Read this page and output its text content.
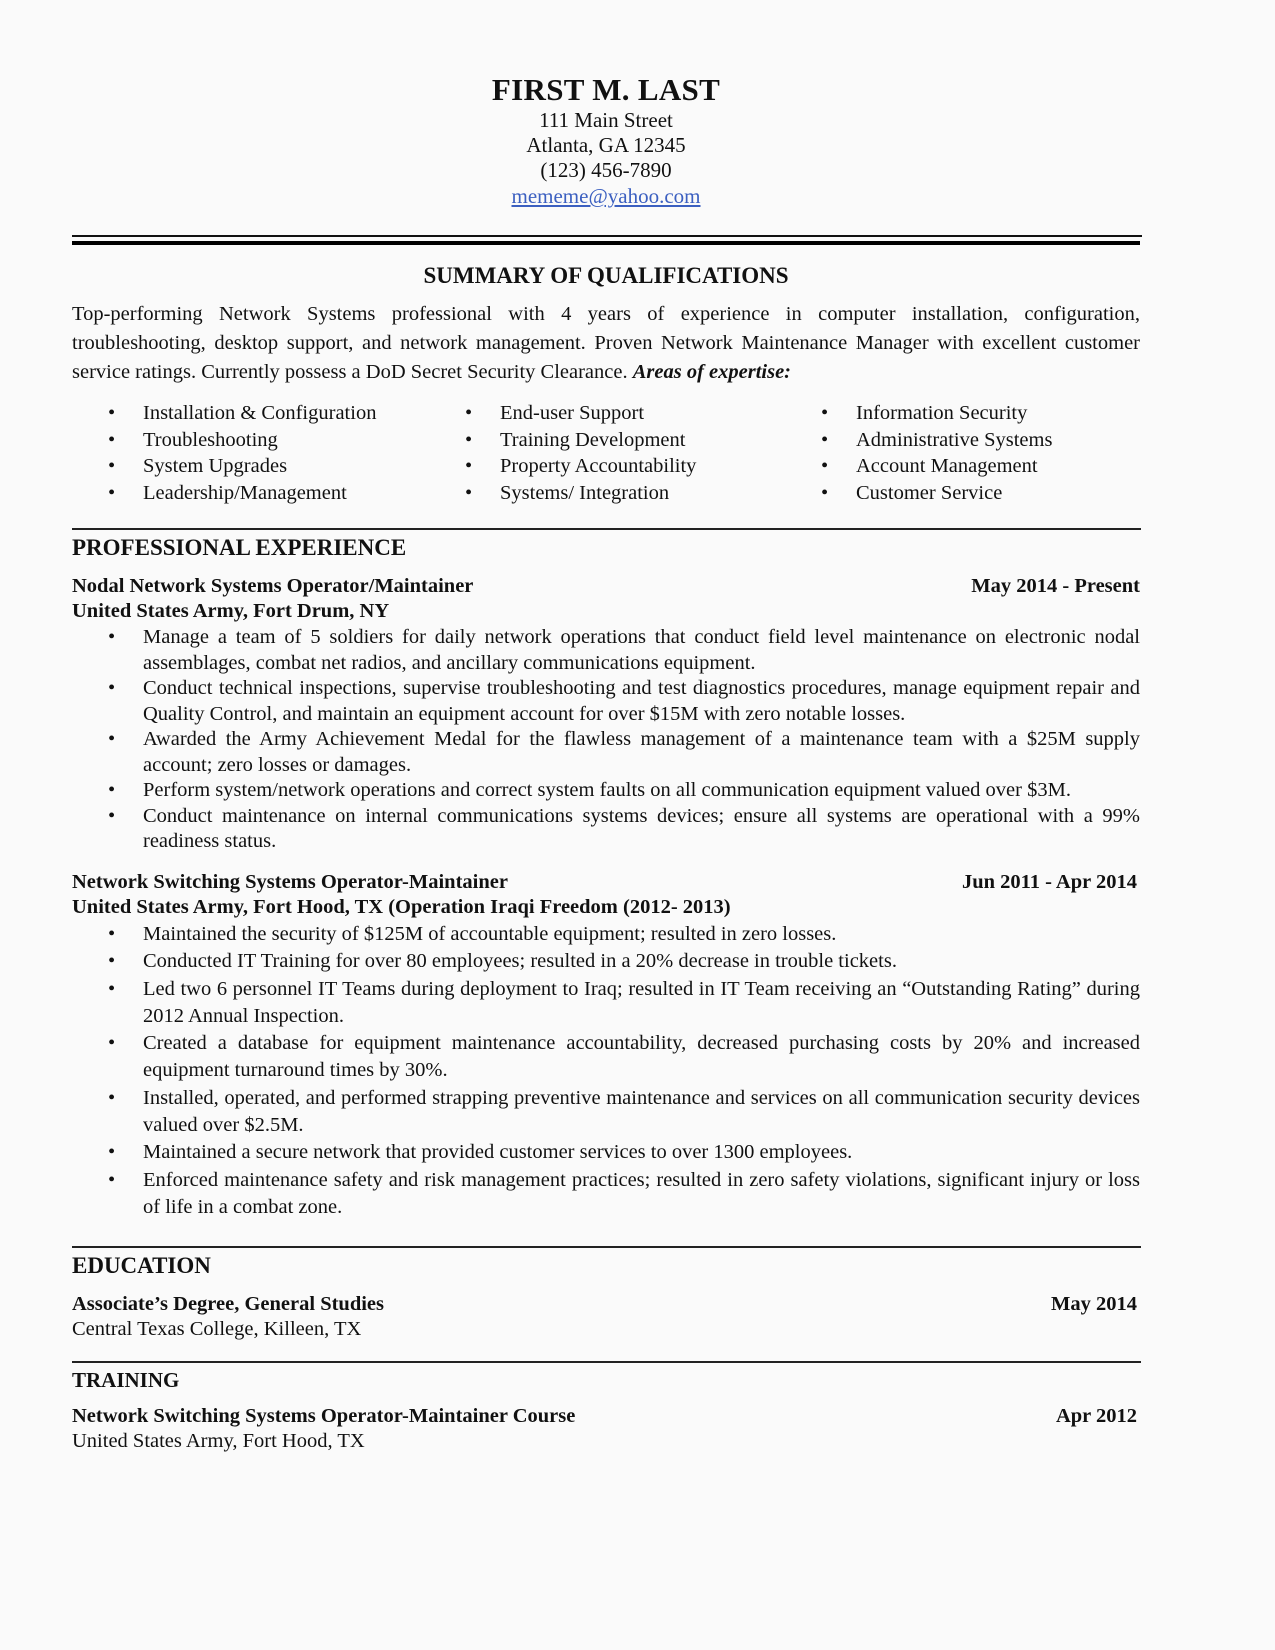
FIRST M. LAST
111 Main Street
Atlanta, GA 12345
(123) 456-7890
mememe@yahoo.com
SUMMARY OF QUALIFICATIONS
Top-performing Network Systems professional with 4 years of experience in computer installation, configuration, troubleshooting, desktop support, and network management. Proven Network Maintenance Manager with excellent customer service ratings. Currently possess a DoD Secret Security Clearance. Areas of expertise:
• Installation & Configuration
• Troubleshooting
• System Upgrades
• Leadership/Management
• End-user Support
• Training Development
• Property Accountability
• Systems/ Integration
• Information Security
• Administrative Systems
• Account Management
• Customer Service
PROFESSIONAL EXPERIENCE
Nodal Network Systems Operator/Maintainer	May 2014 - Present
United States Army, Fort Drum, NY
• Manage a team of 5 soldiers for daily network operations that conduct field level maintenance on electronic nodal assemblages, combat net radios, and ancillary communications equipment.
• Conduct technical inspections, supervise troubleshooting and test diagnostics procedures, manage equipment repair and Quality Control, and maintain an equipment account for over $15M with zero notable losses.
• Awarded the Army Achievement Medal for the flawless management of a maintenance team with a $25M supply account; zero losses or damages.
• Perform system/network operations and correct system faults on all communication equipment valued over $3M.
• Conduct maintenance on internal communications systems devices; ensure all systems are operational with a 99% readiness status.
Network Switching Systems Operator-Maintainer	Jun 2011 - Apr 2014
United States Army, Fort Hood, TX (Operation Iraqi Freedom (2012- 2013)
• Maintained the security of $125M of accountable equipment; resulted in zero losses.
• Conducted IT Training for over 80 employees; resulted in a 20% decrease in trouble tickets.
• Led two 6 personnel IT Teams during deployment to Iraq; resulted in IT Team receiving an “Outstanding Rating” during 2012 Annual Inspection.
• Created a database for equipment maintenance accountability, decreased purchasing costs by 20% and increased equipment turnaround times by 30%.
• Installed, operated, and performed strapping preventive maintenance and services on all communication security devices valued over $2.5M.
• Maintained a secure network that provided customer services to over 1300 employees.
• Enforced maintenance safety and risk management practices; resulted in zero safety violations, significant injury or loss of life in a combat zone.
EDUCATION
Associate’s Degree, General Studies	May 2014
Central Texas College, Killeen, TX
TRAINING
Network Switching Systems Operator-Maintainer Course	Apr 2012
United States Army, Fort Hood, TX
